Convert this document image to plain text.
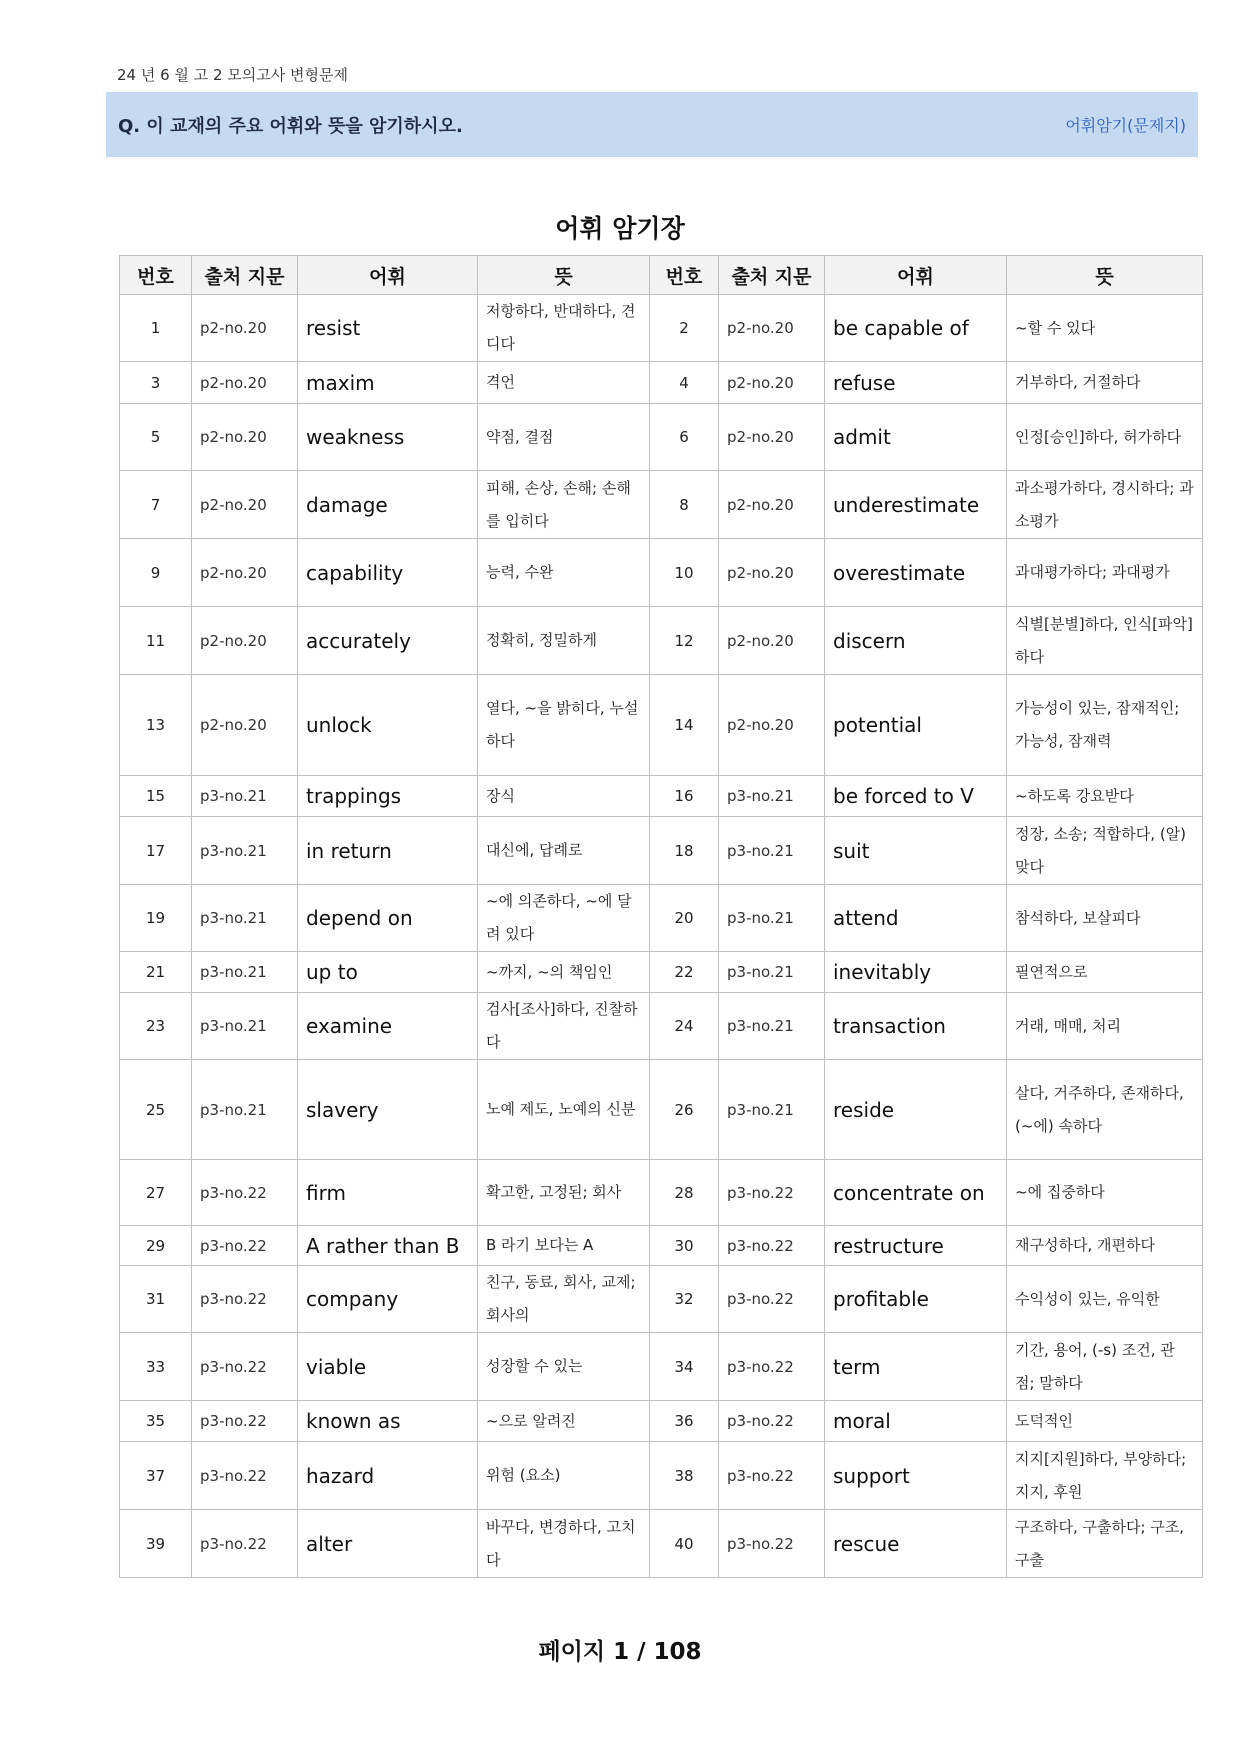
24 년 6 월 고 2 모의고사 변형문제
Q. 이 교재의 주요 어휘와 뜻을 암기하시오.	어휘암기(문제지)
어휘 암기장
번호	출처 지문	어휘	뜻	번호	출처 지문	어휘	뜻
1	p2-no.20	resist	저항하다, 반대하다, 견디다	2	p2-no.20	be capable of	~할 수 있다
3	p2-no.20	maxim	격언	4	p2-no.20	refuse	거부하다, 거절하다
5	p2-no.20	weakness	약점, 결점	6	p2-no.20	admit	인정[승인]하다, 허가하다
7	p2-no.20	damage	피해, 손상, 손해; 손해를 입히다	8	p2-no.20	underestimate	과소평가하다, 경시하다; 과소평가
9	p2-no.20	capability	능력, 수완	10	p2-no.20	overestimate	과대평가하다; 과대평가
11	p2-no.20	accurately	정확히, 정밀하게	12	p2-no.20	discern	식별[분별]하다, 인식[파악]하다
13	p2-no.20	unlock	열다, ~을 밝히다, 누설하다	14	p2-no.20	potential	가능성이 있는, 잠재적인; 가능성, 잠재력
15	p3-no.21	trappings	장식	16	p3-no.21	be forced to V	~하도록 강요받다
17	p3-no.21	in return	대신에, 답례로	18	p3-no.21	suit	정장, 소송; 적합하다, (알)맞다
19	p3-no.21	depend on	~에 의존하다, ~에 달려 있다	20	p3-no.21	attend	참석하다, 보살피다
21	p3-no.21	up to	~까지, ~의 책임인	22	p3-no.21	inevitably	필연적으로
23	p3-no.21	examine	검사[조사]하다, 진찰하다	24	p3-no.21	transaction	거래, 매매, 처리
25	p3-no.21	slavery	노예 제도, 노예의 신분	26	p3-no.21	reside	살다, 거주하다, 존재하다, (~에) 속하다
27	p3-no.22	firm	확고한, 고정된; 회사	28	p3-no.22	concentrate on	~에 집중하다
29	p3-no.22	A rather than B	B 라기 보다는 A	30	p3-no.22	restructure	재구성하다, 개편하다
31	p3-no.22	company	친구, 동료, 회사, 교제; 회사의	32	p3-no.22	profitable	수익성이 있는, 유익한
33	p3-no.22	viable	성장할 수 있는	34	p3-no.22	term	기간, 용어, (-s) 조건, 관점; 말하다
35	p3-no.22	known as	~으로 알려진	36	p3-no.22	moral	도덕적인
37	p3-no.22	hazard	위험 (요소)	38	p3-no.22	support	지지[지원]하다, 부양하다; 지지, 후원
39	p3-no.22	alter	바꾸다, 변경하다, 고치다	40	p3-no.22	rescue	구조하다, 구출하다; 구조, 구출
페이지 1 / 108
